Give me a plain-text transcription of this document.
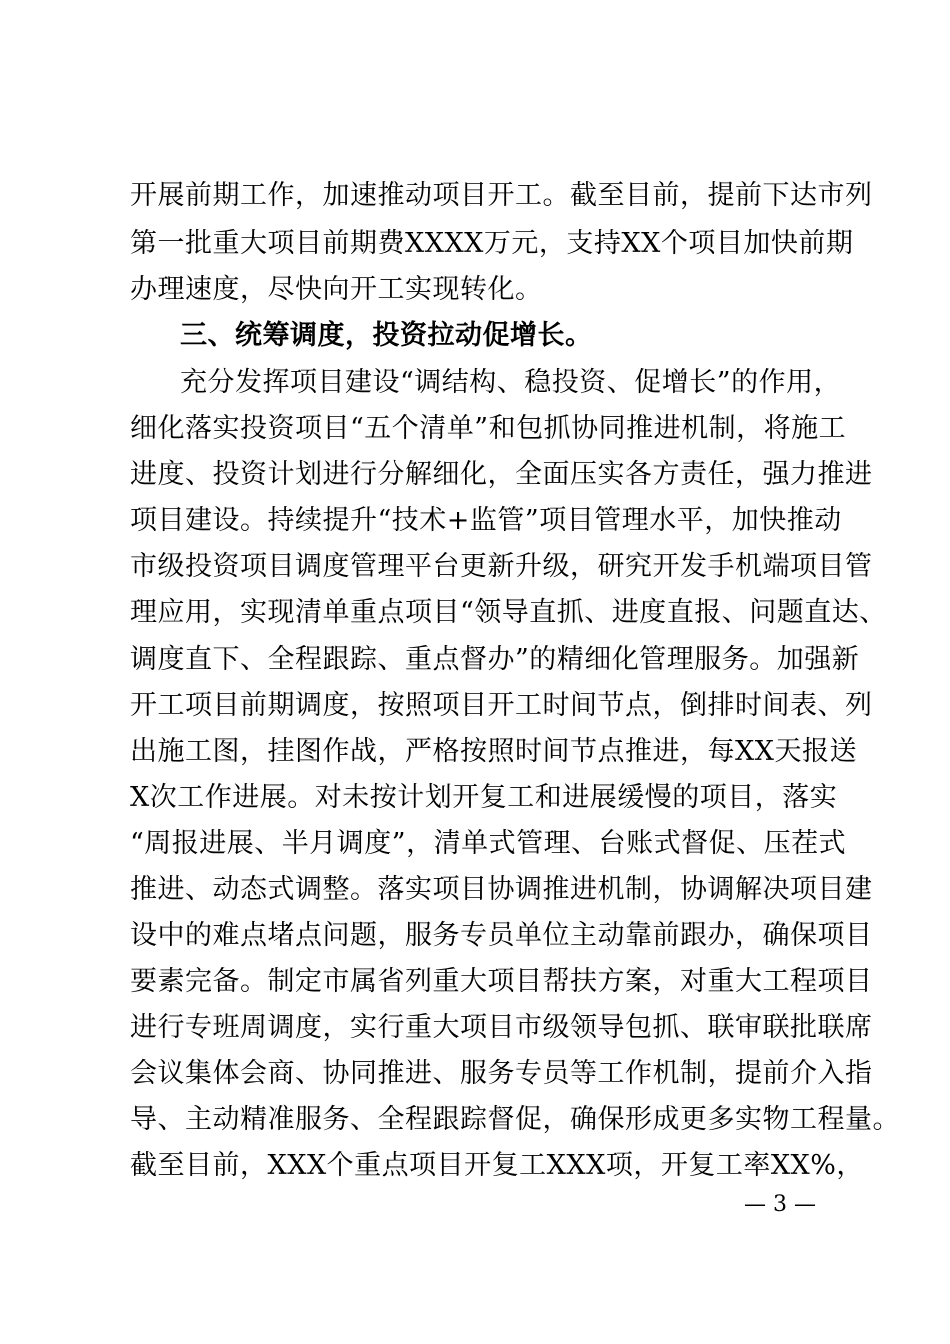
开展前期工作，加速推动项目开工。截至目前，提前下达市列
第一批重大项目前期费XXXX万元，支持XX个项目加快前期
办理速度，尽快向开工实现转化。
三、统筹调度，投资拉动促增长。
充分发挥项目建设“调结构、稳投资、促增长”的作用，
细化落实投资项目“五个清单”和包抓协同推进机制，将施工
进度、投资计划进行分解细化，全面压实各方责任，强力推进
项目建设。持续提升“技术+监管”项目管理水平，加快推动
市级投资项目调度管理平台更新升级，研究开发手机端项目管
理应用，实现清单重点项目“领导直抓、进度直报、问题直达、
调度直下、全程跟踪、重点督办”的精细化管理服务。加强新
开工项目前期调度，按照项目开工时间节点，倒排时间表、列
出施工图，挂图作战，严格按照时间节点推进，每XX天报送
X次工作进展。对未按计划开复工和进展缓慢的项目，落实
“周报进展、半月调度”，清单式管理、台账式督促、压茬式
推进、动态式调整。落实项目协调推进机制，协调解决项目建
设中的难点堵点问题，服务专员单位主动靠前跟办，确保项目
要素完备。制定市属省列重大项目帮扶方案，对重大工程项目
进行专班周调度，实行重大项目市级领导包抓、联审联批联席
会议集体会商、协同推进、服务专员等工作机制，提前介入指
导、主动精准服务、全程跟踪督促，确保形成更多实物工程量。
截至目前，XXX个重点项目开复工XXX项，开复工率XX%，
— 3 —
